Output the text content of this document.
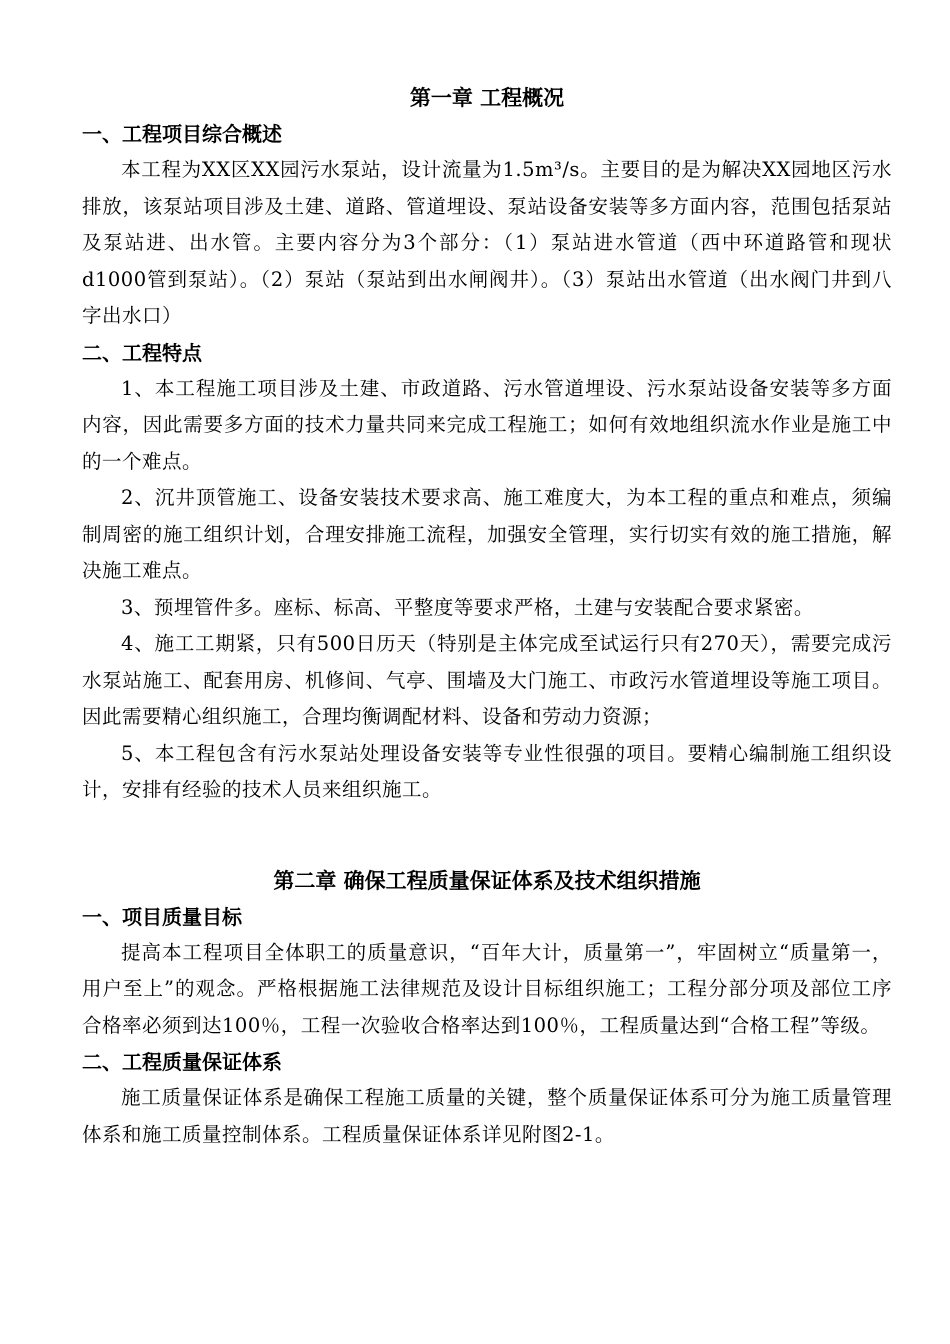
第一章 工程概况
一、工程项目综合概述

本工程为XX区XX园污水泵站，设计流量为1.5m³/s。主要目的是为解决XX园地区污水排放，该泵站项目涉及土建、道路、管道埋设、泵站设备安装等多方面内容，范围包括泵站及泵站进、出水管。主要内容分为3个部分：（1）泵站进水管道（西中环道路管和现状d1000管到泵站）。（2）泵站（泵站到出水闸阀井）。（3）泵站出水管道（出水阀门井到八字出水口）

二、工程特点

1、本工程施工项目涉及土建、市政道路、污水管道埋设、污水泵站设备安装等多方面内容，因此需要多方面的技术力量共同来完成工程施工；如何有效地组织流水作业是施工中的一个难点。

2、沉井顶管施工、设备安装技术要求高、施工难度大，为本工程的重点和难点，须编制周密的施工组织计划，合理安排施工流程，加强安全管理，实行切实有效的施工措施，解决施工难点。

3、预埋管件多。座标、标高、平整度等要求严格，土建与安装配合要求紧密。

4、施工工期紧，只有500日历天（特别是主体完成至试运行只有270天），需要完成污水泵站施工、配套用房、机修间、气亭、围墙及大门施工、市政污水管道埋设等施工项目。因此需要精心组织施工，合理均衡调配材料、设备和劳动力资源；

5、本工程包含有污水泵站处理设备安装等专业性很强的项目。要精心编制施工组织设计，安排有经验的技术人员来组织施工。

第二章 确保工程质量保证体系及技术组织措施
一、项目质量目标

提高本工程项目全体职工的质量意识，“百年大计，质量第一”，牢固树立“质量第一，用户至上”的观念。严格根据施工法律规范及设计目标组织施工；工程分部分项及部位工序合格率必须到达100％，工程一次验收合格率达到100％，工程质量达到“合格工程”等级。

二、工程质量保证体系

施工质量保证体系是确保工程施工质量的关键，整个质量保证体系可分为施工质量管理体系和施工质量控制体系。工程质量保证体系详见附图2-1。
